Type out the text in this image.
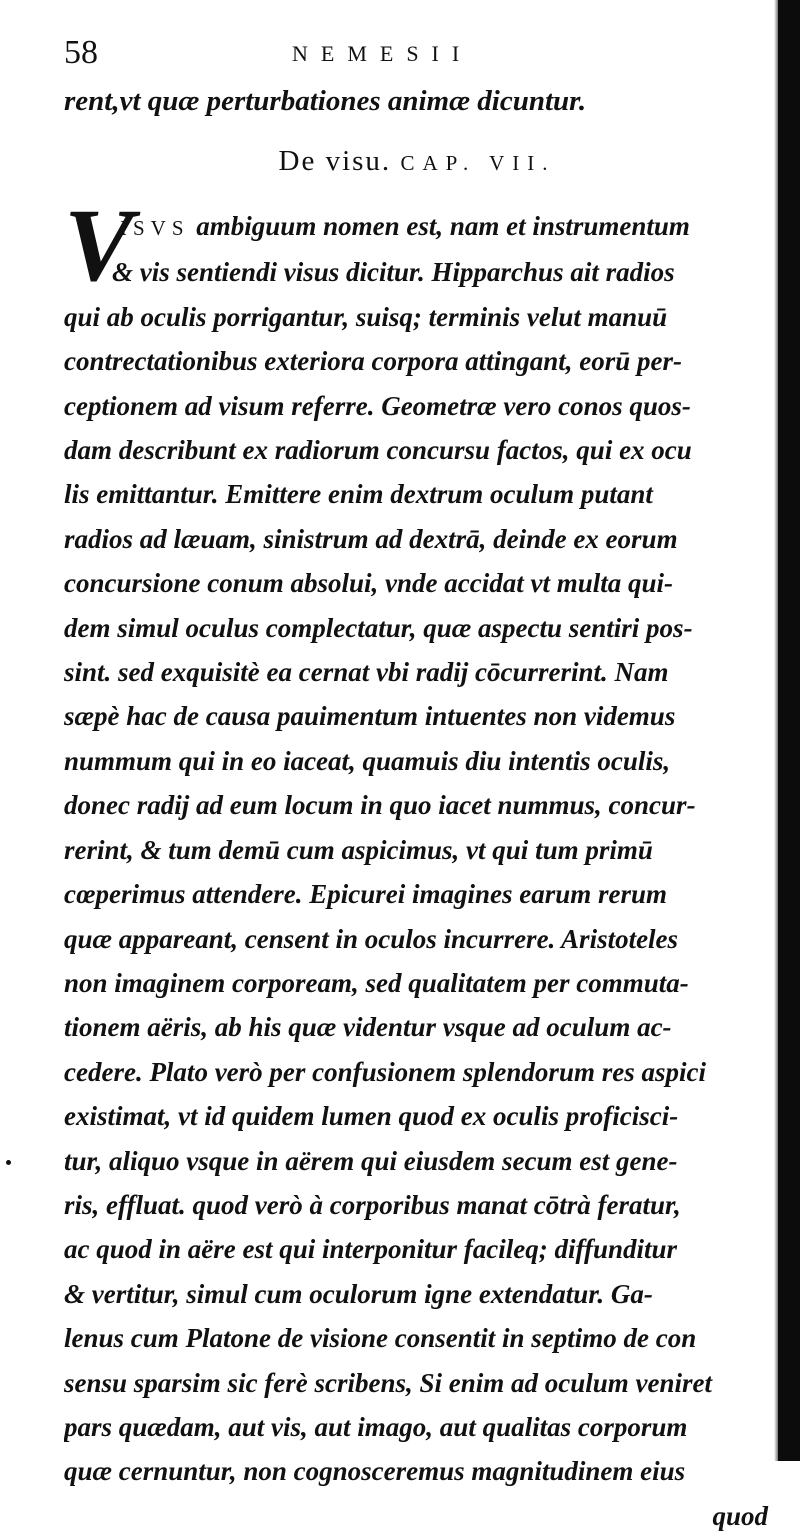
58	NEMESII
rent,vt quæ perturbationes animæ dicuntur.
De visu. CAP. VII.
V
ISVS ambiguum nomen est, nam et instrumentum
& vis sentiendi visus dicitur. Hipparchus ait radios
qui ab oculis porrigantur, suisq; terminis velut manuū
contrectationibus exteriora corpora attingant, eorū per-
ceptionem ad visum referre. Geometræ vero conos quos-
dam describunt ex radiorum concursu factos, qui ex ocu
lis emittantur. Emittere enim dextrum oculum putant
radios ad læuam, sinistrum ad dextrā, deinde ex eorum
concursione conum absolui, vnde accidat vt multa qui-
dem simul oculus complectatur, quæ aspectu sentiri pos-
sint. sed exquisitè ea cernat vbi radij cōcurrerint. Nam
sæpè hac de causa pauimentum intuentes non videmus
nummum qui in eo iaceat, quamuis diu intentis oculis,
donec radij ad eum locum in quo iacet nummus, concur-
rerint, & tum demū cum aspicimus, vt qui tum primū
cœperimus attendere. Epicurei imagines earum rerum
quæ appareant, censent in oculos incurrere. Aristoteles
non imaginem corpoream, sed qualitatem per commuta-
tionem aëris, ab his quæ videntur vsque ad oculum ac-
cedere. Plato verò per confusionem splendorum res aspici
existimat, vt id quidem lumen quod ex oculis proficisci-
tur, aliquo vsque in aërem qui eiusdem secum est gene-
ris, effluat. quod verò à corporibus manat cōtrà feratur,
ac quod in aëre est qui interponitur facileq; diffunditur
& vertitur, simul cum oculorum igne extendatur. Ga-
lenus cum Platone de visione consentit in septimo de con
sensu sparsim sic ferè scribens, Si enim ad oculum veniret
pars quædam, aut vis, aut imago, aut qualitas corporum
quæ cernuntur, non cognosceremus magnitudinem eius
quod
